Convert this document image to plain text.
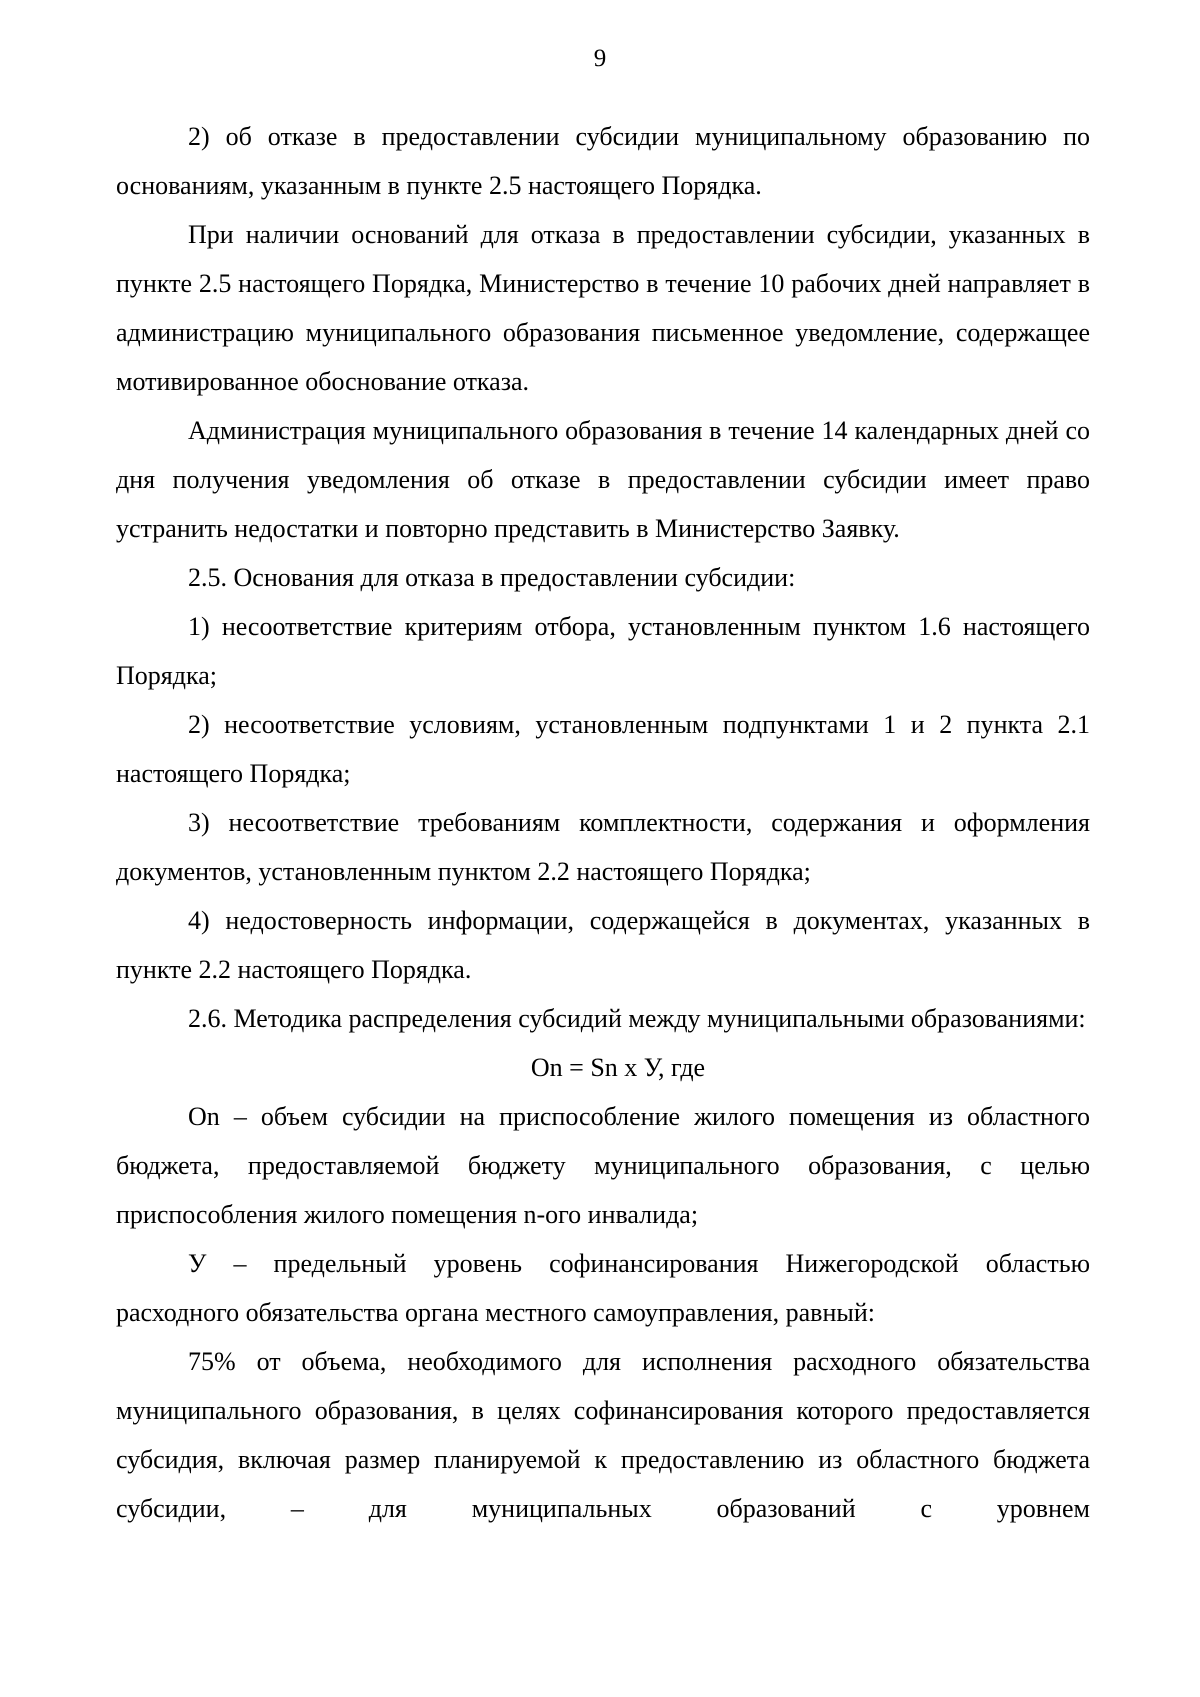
9

2) об отказе в предоставлении субсидии муниципальному образованию по основаниям, указанным в пункте 2.5 настоящего Порядка.

При наличии оснований для отказа в предоставлении субсидии, указанных в пункте 2.5 настоящего Порядка, Министерство в течение 10 рабочих дней направляет в администрацию муниципального образования письменное уведомление, содержащее мотивированное обоснование отказа.

Администрация муниципального образования в течение 14 календарных дней со дня получения уведомления об отказе в предоставлении субсидии имеет право устранить недостатки и повторно представить в Министерство Заявку.

2.5. Основания для отказа в предоставлении субсидии:

1) несоответствие критериям отбора, установленным пунктом 1.6 настоящего Порядка;

2) несоответствие условиям, установленным подпунктами 1 и 2 пункта 2.1 настоящего Порядка;

3) несоответствие требованиям комплектности, содержания и оформления документов, установленным пунктом 2.2 настоящего Порядка;

4) недостоверность информации, содержащейся в документах, указанных в пункте 2.2 настоящего Порядка.

2.6. Методика распределения субсидий между муниципальными образованиями:

On = Sn х У, где

On – объем субсидии на приспособление жилого помещения из областного бюджета, предоставляемой бюджету муниципального образования, с целью приспособления жилого помещения n-ого инвалида;

У – предельный уровень софинансирования Нижегородской областью расходного обязательства органа местного самоуправления, равный:

75% от объема, необходимого для исполнения расходного обязательства муниципального образования, в целях софинансирования которого предоставляется субсидия, включая размер планируемой к предоставлению из областного бюджета субсидии, – для муниципальных образований с уровнем
